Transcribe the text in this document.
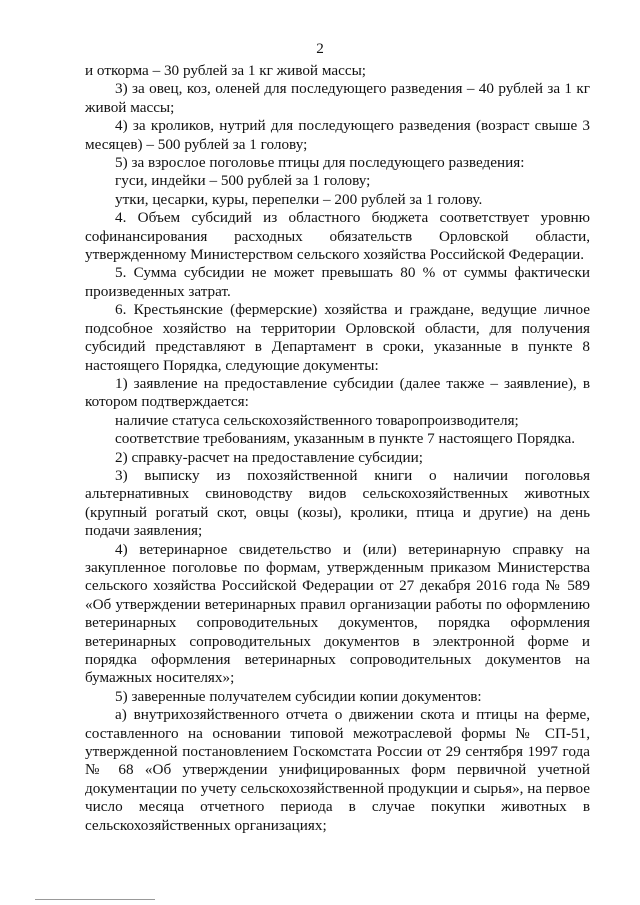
2

и откорма – 30 рублей за 1 кг живой массы;

3) за овец, коз, оленей для последующего разведения – 40 рублей за 1 кг живой массы;

4) за кроликов, нутрий для последующего разведения (возраст свыше 3 месяцев) – 500 рублей за 1 голову;

5) за взрослое поголовье птицы для последующего разведения:

гуси, индейки – 500 рублей за 1 голову;

утки, цесарки, куры, перепелки – 200 рублей за 1 голову.

4. Объем субсидий из областного бюджета соответствует уровню софинансирования расходных обязательств Орловской области, утвержденному Министерством сельского хозяйства Российской Федерации.

5. Сумма субсидии не может превышать 80 % от суммы фактически произведенных затрат.

6. Крестьянские (фермерские) хозяйства и граждане, ведущие личное подсобное хозяйство на территории Орловской области, для получения субсидий представляют в Департамент в сроки, указанные в пункте 8 настоящего Порядка, следующие документы:

1) заявление на предоставление субсидии (далее также – заявление), в котором подтверждается:

наличие статуса сельскохозяйственного товаропроизводителя;

соответствие требованиям, указанным в пункте 7 настоящего Порядка.

2) справку-расчет на предоставление субсидии;

3) выписку из похозяйственной книги о наличии поголовья альтернативных свиноводству видов сельскохозяйственных животных (крупный рогатый скот, овцы (козы), кролики, птица и другие) на день подачи заявления;

4) ветеринарное свидетельство и (или) ветеринарную справку на закупленное поголовье по формам, утвержденным приказом Министерства сельского хозяйства Российской Федерации от 27 декабря 2016 года № 589 «Об утверждении ветеринарных правил организации работы по оформлению ветеринарных сопроводительных документов, порядка оформления ветеринарных сопроводительных документов в электронной форме и порядка оформления ветеринарных сопроводительных документов на бумажных носителях»;

5) заверенные получателем субсидии копии документов:

а) внутрихозяйственного отчета о движении скота и птицы на ферме, составленного на основании типовой межотраслевой формы № СП-51, утвержденной постановлением Госкомстата России от 29 сентября 1997 года № 68 «Об утверждении унифицированных форм первичной учетной документации по учету сельскохозяйственной продукции и сырья», на первое число месяца отчетного периода в случае покупки животных в сельскохозяйственных организациях;
